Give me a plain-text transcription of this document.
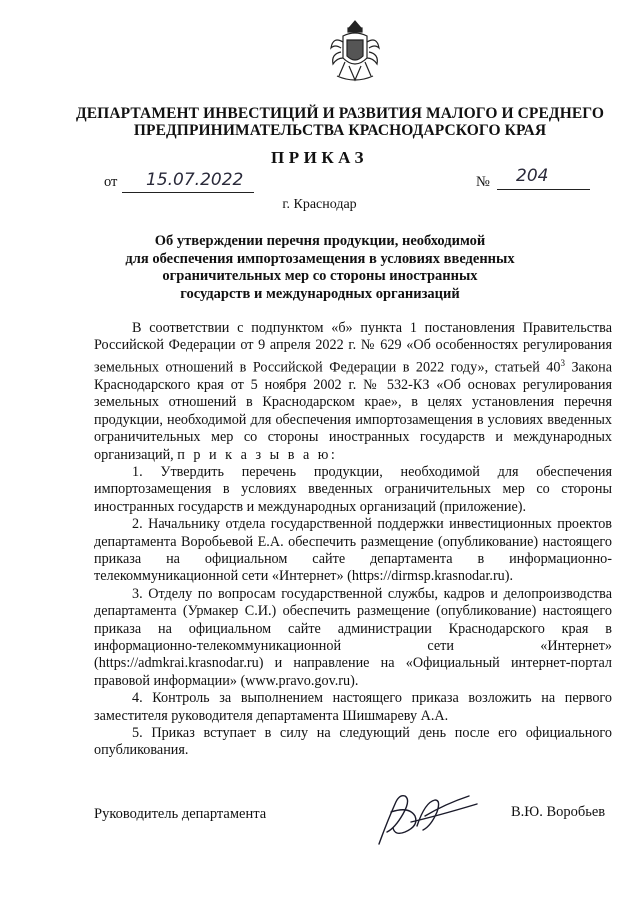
ДЕПАРТАМЕНТ ИНВЕСТИЦИЙ И РАЗВИТИЯ МАЛОГО И СРЕДНЕГО
ПРЕДПРИНИМАТЕЛЬСТВА КРАСНОДАРСКОГО КРАЯ
ПРИКАЗ
от 15.07.2022	№ 204
г. Краснодар
Об утверждении перечня продукции, необходимой
для обеспечения импортозамещения в условиях введенных
ограничительных мер со стороны иностранных
государств и международных организаций

В соответствии с подпунктом «б» пункта 1 постановления Правительства Российской Федерации от 9 апреля 2022 г. № 629 «Об особенностях регулирования земельных отношений в Российской Федерации в 2022 году», статьей $40^3$ Закона Краснодарского края от 5 ноября 2002 г. № 532-КЗ «Об основах регулирования земельных отношений в Краснодарском крае», в целях установления перечня продукции, необходимой для обеспечения импортозамещения в условиях введенных ограничительных мер со стороны иностранных государств и международных организаций, п р и к а з ы в а ю:

1. Утвердить перечень продукции, необходимой для обеспечения импортозамещения в условиях введенных ограничительных мер со стороны иностранных государств и международных организаций (приложение).

2. Начальнику отдела государственной поддержки инвестиционных проектов департамента Воробьевой Е.А. обеспечить размещение (опубликование) настоящего приказа на официальном сайте департамента в информационно-телекоммуникационной сети «Интернет» (https://dirmsp.krasnodar.ru).

3. Отделу по вопросам государственной службы, кадров и делопроизводства департамента (Урмакер С.И.) обеспечить размещение (опубликование) настоящего приказа на официальном сайте администрации Краснодарского края в информационно-телекоммуникационной сети «Интернет» (https://admkrai.krasnodar.ru) и направление на «Официальный интернет-портал правовой информации» (www.pravo.gov.ru).

4. Контроль за выполнением настоящего приказа возложить на первого заместителя руководителя департамента Шишмареву А.А.

5. Приказ вступает в силу на следующий день после его официального опубликования.

Руководитель департамента	В.Ю. Воробьев
